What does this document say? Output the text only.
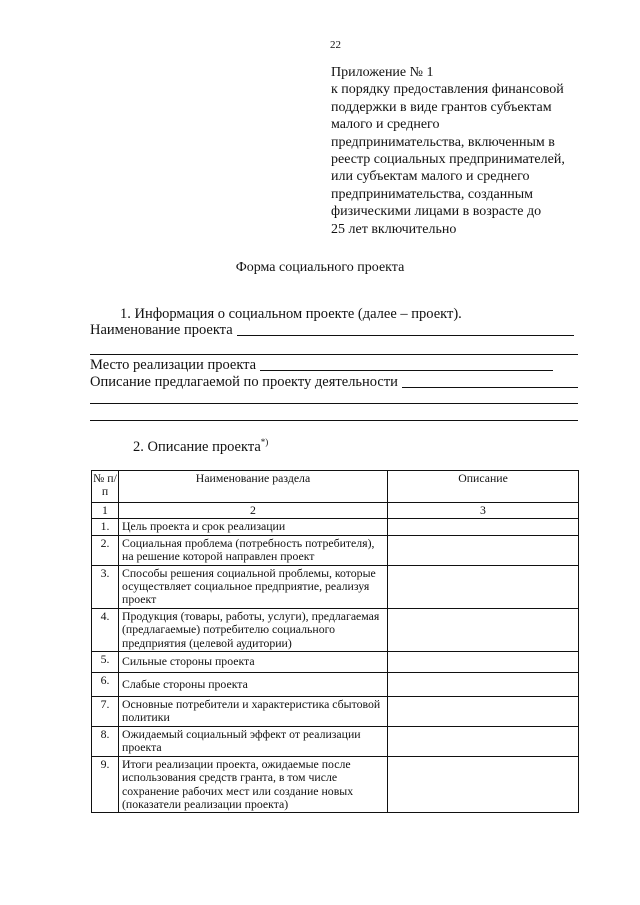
22
Приложение № 1
к порядку предоставления финансовой
поддержки в виде грантов субъектам
малого и среднего
предпринимательства, включенным в
реестр социальных предпринимателей,
или субъектам малого и среднего
предпринимательства, созданным
физическими лицами в возрасте до
25 лет включительно
Форма социального проекта
1. Информация о социальном проекте (далее – проект).
Наименование проекта
Место реализации проекта
Описание предлагаемой по проекту деятельности
2. Описание проекта*)
№ п/п	Наименование раздела	Описание
1	2	3
1.	Цель проекта и срок реализации	
2.	Социальная проблема (потребность потребителя), на решение которой направлен проект	
3.	Способы решения социальной проблемы, которые осуществляет социальное предприятие, реализуя проект	
4.	Продукция (товары, работы, услуги), предлагаемая (предлагаемые) потребителю социального предприятия (целевой аудитории)	
5.	Сильные стороны проекта	
6.	Слабые стороны проекта	
7.	Основные потребители и характеристика сбытовой политики	
8.	Ожидаемый социальный эффект от реализации проекта	
9.	Итоги реализации проекта, ожидаемые после использования средств гранта, в том числе сохранение рабочих мест или создание новых (показатели реализации проекта)	
